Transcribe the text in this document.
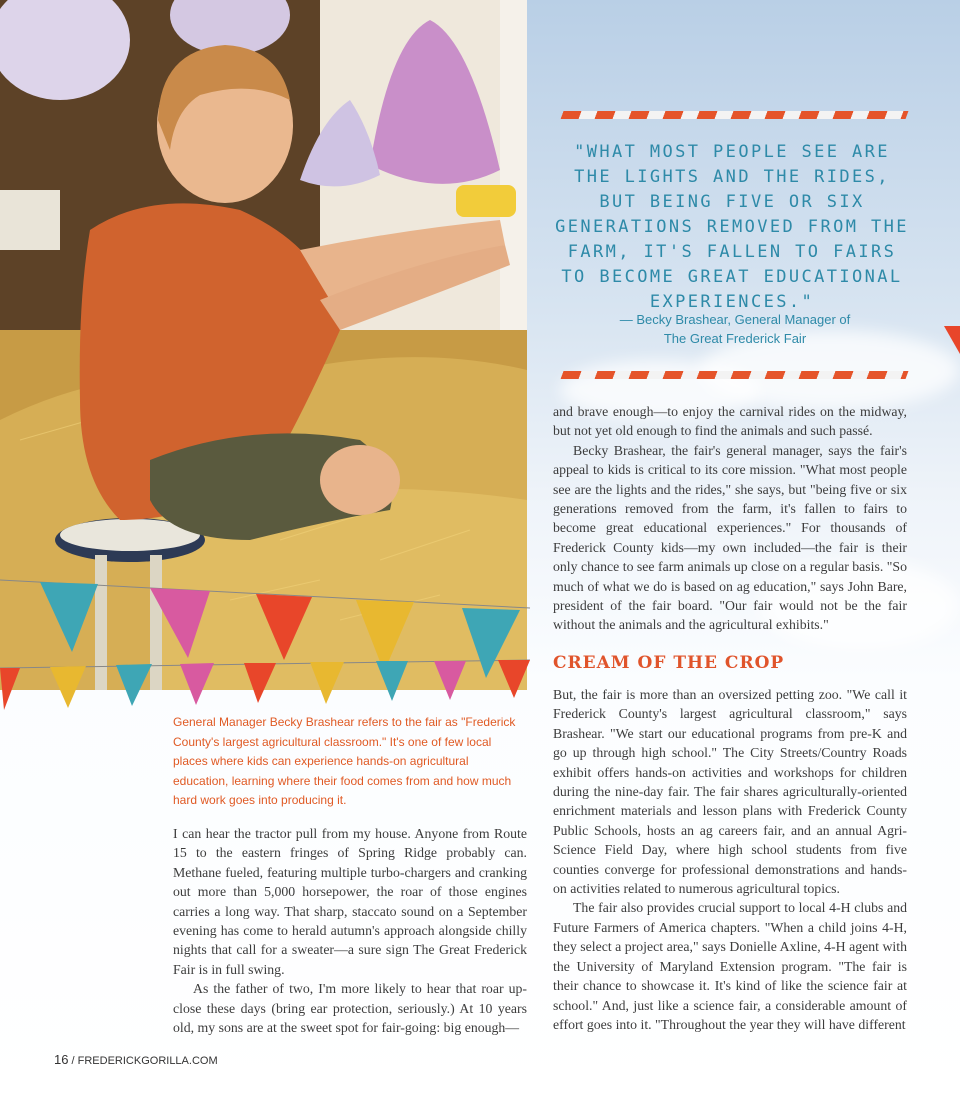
"WHAT MOST PEOPLE SEE ARE THE LIGHTS AND THE RIDES, BUT BEING FIVE OR SIX GENERATIONS REMOVED FROM THE FARM, IT'S FALLEN TO FAIRS TO BECOME GREAT EDUCATIONAL EXPERIENCES."
— Becky Brashear, General Manager of
The Great Frederick Fair
General Manager Becky Brashear refers to the fair as "Frederick County's largest agricultural classroom." It's one of few local places where kids can experience hands-on agricultural education, learning where their food comes from and how much hard work goes into producing it.

I can hear the tractor pull from my house. Anyone from Route 15 to the eastern fringes of Spring Ridge probably can. Methane fueled, featuring multiple turbo-chargers and cranking out more than 5,000 horsepower, the roar of those engines carries a long way. That sharp, staccato sound on a September evening has come to herald autumn's approach alongside chilly nights that call for a sweater—a sure sign The Great Frederick Fair is in full swing.

As the father of two, I'm more likely to hear that roar up-close these days (bring ear protection, seriously.) At 10 years old, my sons are at the sweet spot for fair-going: big enough—

and brave enough—to enjoy the carnival rides on the midway, but not yet old enough to find the animals and such passé.

Becky Brashear, the fair's general manager, says the fair's appeal to kids is critical to its core mission. "What most people see are the lights and the rides," she says, but "being five or six generations removed from the farm, it's fallen to fairs to become great educational experiences." For thousands of Frederick County kids—my own included—the fair is their only chance to see farm animals up close on a regular basis. "So much of what we do is based on ag education," says John Bare, president of the fair board. "Our fair would not be the fair without the animals and the agricultural exhibits."

CREAM OF THE CROP

But, the fair is more than an oversized petting zoo. "We call it Frederick County's largest agricultural classroom," says Brashear. "We start our educational programs from pre-K and go up through high school." The City Streets/Country Roads exhibit offers hands-on activities and workshops for children during the nine-day fair. The fair shares agriculturally-oriented enrichment materials and lesson plans with Frederick County Public Schools, hosts an ag careers fair, and an annual Agri-Science Field Day, where high school students from five counties converge for professional demonstrations and hands-on activities related to numerous agricultural topics.

The fair also provides crucial support to local 4-H clubs and Future Farmers of America chapters. "When a child joins 4-H, they select a project area," says Donielle Axline, 4-H agent with the University of Maryland Extension program. "The fair is their chance to showcase it. It's kind of like the science fair at school." And, just like a science fair, a considerable amount of effort goes into it. "Throughout the year they will have different

16 / FREDERICKGORILLA.COM
